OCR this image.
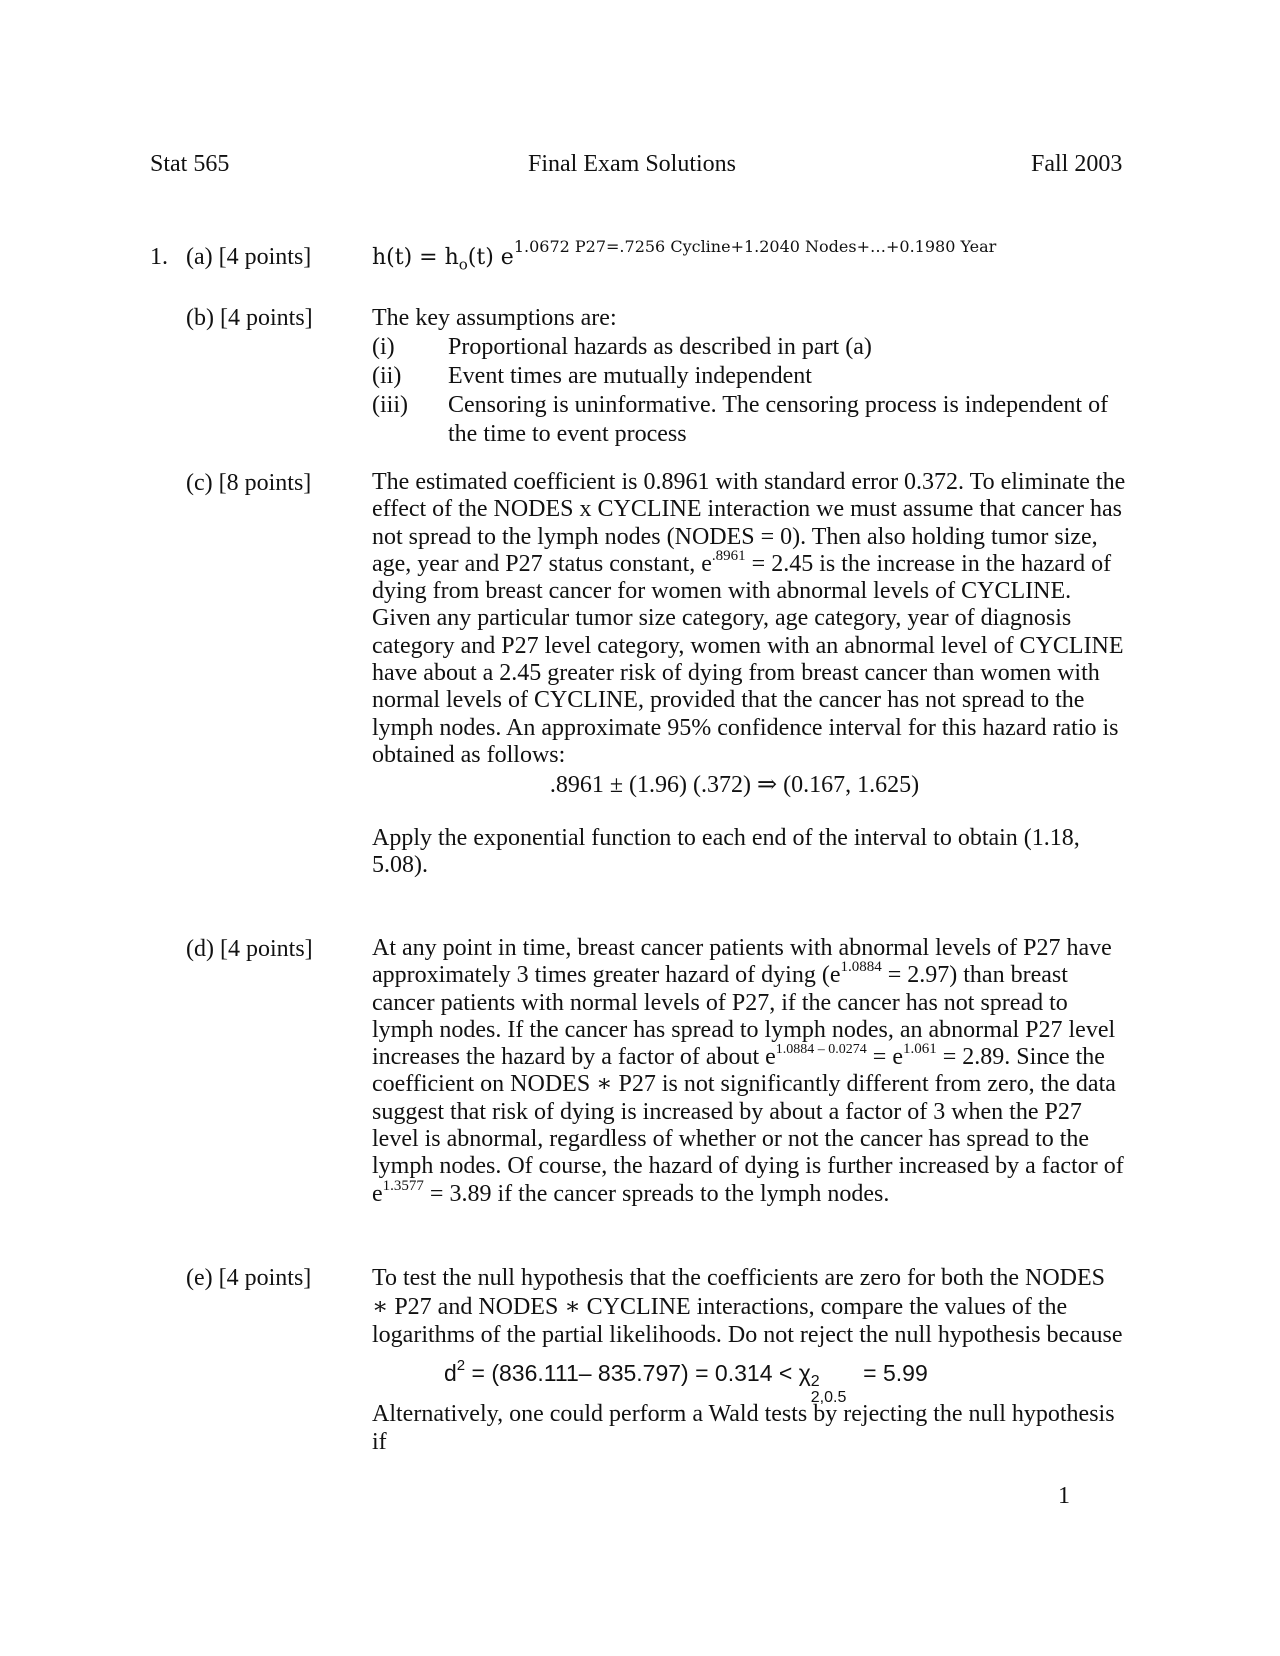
Stat 565	Final Exam Solutions	Fall 2003
1. (a) [4 points]	$h(t) = h_o(t)$ $e^{1.0672 P27=.7256 Cycline+1.2040 Nodes+\dots+0.1980 Year}$
(b) [4 points]	The key assumptions are:
(i)	Proportional hazards as described in part (a)
(ii)	Event times are mutually independent
(iii)	Censoring is uninformative. The censoring process is independent of the time to event process
(c) [8 points]	The estimated coefficient is 0.8961 with standard error 0.372. To eliminate the effect of the NODES x CYCLINE interaction we must assume that cancer has not spread to the lymph nodes (NODES = 0). Then also holding tumor size, age, year and P27 status constant, $e^{.8961} = 2.45$ is the increase in the hazard of dying from breast cancer for women with abnormal levels of CYCLINE. Given any particular tumor size category, age category, year of diagnosis category and P27 level category, women with an abnormal level of CYCLINE have about a 2.45 greater risk of dying from breast cancer than women with normal levels of CYCLINE, provided that the cancer has not spread to the lymph nodes. An approximate 95% confidence interval for this hazard ratio is obtained as follows:

.8961 ± (1.96) (.372) ⇒ (0.167, 1.625)

Apply the exponential function to each end of the interval to obtain (1.18, 5.08).

(d) [4 points]	At any point in time, breast cancer patients with abnormal levels of P27 have approximately 3 times greater hazard of dying $(e^{1.0884} = 2.97)$ than breast cancer patients with normal levels of P27, if the cancer has not spread to lymph nodes. If the cancer has spread to lymph nodes, an abnormal P27 level increases the hazard by a factor of about $e^{1.0884 - 0.0274} = e^{1.061} = 2.89$. Since the coefficient on NODES ∗ P27 is not significantly different from zero, the data suggest that risk of dying is increased by about a factor of 3 when the P27 level is abnormal, regardless of whether or not the cancer has spread to the lymph nodes. Of course, the hazard of dying is further increased by a factor of $e^{1.3577} = 3.89$ if the cancer spreads to the lymph nodes.

(e) [4 points]	To test the null hypothesis that the coefficients are zero for both the NODES ∗ P27 and NODES ∗ CYCLINE interactions, compare the values of the logarithms of the partial likelihoods. Do not reject the null hypothesis because

$d^2 = (836.111-$ 835.797) = 0.314 < χ 2
2,0.5
= 5.99

Alternatively, one could perform a Wald tests by rejecting the null hypothesis if

1
